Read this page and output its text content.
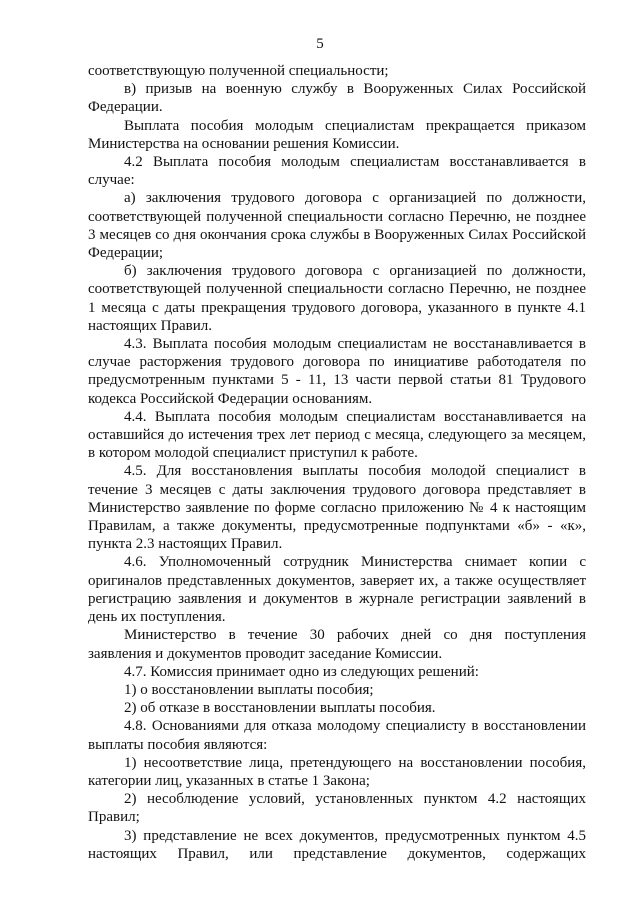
5

соответствующую полученной специальности;

в) призыв на военную службу в Вооруженных Силах Российской Федерации.

Выплата пособия молодым специалистам прекращается приказом Министерства на основании решения Комиссии.

4.2 Выплата пособия молодым специалистам восстанавливается в случае:

а) заключения трудового договора с организацией по должности, соответствующей полученной специальности согласно Перечню, не позднее 3 месяцев со дня окончания срока службы в Вооруженных Силах Российской Федерации;

б) заключения трудового договора с организацией по должности, соответствующей полученной специальности согласно Перечню, не позднее 1 месяца с даты прекращения трудового договора, указанного в пункте 4.1 настоящих Правил.

4.3. Выплата пособия молодым специалистам не восстанавливается в случае расторжения трудового договора по инициативе работодателя по предусмотренным пунктами 5 - 11, 13 части первой статьи 81 Трудового кодекса Российской Федерации основаниям.

4.4. Выплата пособия молодым специалистам восстанавливается на оставшийся до истечения трех лет период с месяца, следующего за месяцем, в котором молодой специалист приступил к работе.

4.5. Для восстановления выплаты пособия молодой специалист в течение 3 месяцев с даты заключения трудового договора представляет в Министерство заявление по форме согласно приложению № 4 к настоящим Правилам, а также документы, предусмотренные подпунктами «б» - «к», пункта 2.3 настоящих Правил.

4.6. Уполномоченный сотрудник Министерства снимает копии с оригиналов представленных документов, заверяет их, а также осуществляет регистрацию заявления и документов в журнале регистрации заявлений в день их поступления.

Министерство в течение 30 рабочих дней со дня поступления заявления и документов проводит заседание Комиссии.

4.7. Комиссия принимает одно из следующих решений:

1) о восстановлении выплаты пособия;

2) об отказе в восстановлении выплаты пособия.

4.8. Основаниями для отказа молодому специалисту в восстановлении выплаты пособия являются:

1) несоответствие лица, претендующего на восстановлении пособия, категории лиц, указанных в статье 1 Закона;

2) несоблюдение условий, установленных пунктом 4.2 настоящих Правил;

3) представление не всех документов, предусмотренных пунктом 4.5 настоящих Правил, или представление документов, содержащих
